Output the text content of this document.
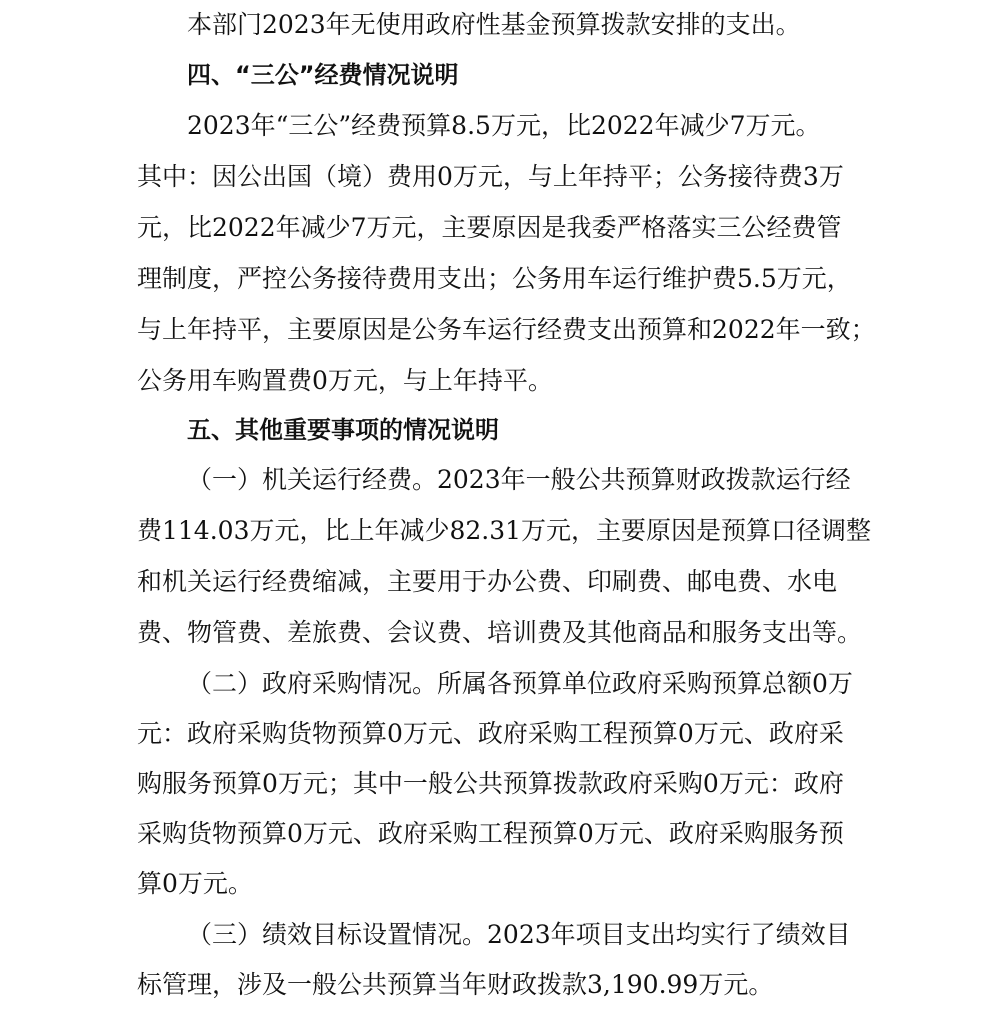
本部门2023年无使用政府性基金预算拨款安排的支出。
四、“三公”经费情况说明
2023年“三公”经费预算8.5万元，比2022年减少7万元。
其中：因公出国（境）费用0万元，与上年持平；公务接待费3万
元，比2022年减少7万元，主要原因是我委严格落实三公经费管
理制度，严控公务接待费用支出；公务用车运行维护费5.5万元，
与上年持平，主要原因是公务车运行经费支出预算和2022年一致；
公务用车购置费0万元，与上年持平。
五、其他重要事项的情况说明
（一）机关运行经费。2023年一般公共预算财政拨款运行经
费114.03万元，比上年减少82.31万元，主要原因是预算口径调整
和机关运行经费缩减，主要用于办公费、印刷费、邮电费、水电
费、物管费、差旅费、会议费、培训费及其他商品和服务支出等。
（二）政府采购情况。所属各预算单位政府采购预算总额0万
元：政府采购货物预算0万元、政府采购工程预算0万元、政府采
购服务预算0万元；其中一般公共预算拨款政府采购0万元：政府
采购货物预算0万元、政府采购工程预算0万元、政府采购服务预
算0万元。
（三）绩效目标设置情况。2023年项目支出均实行了绩效目
标管理，涉及一般公共预算当年财政拨款3,190.99万元。
